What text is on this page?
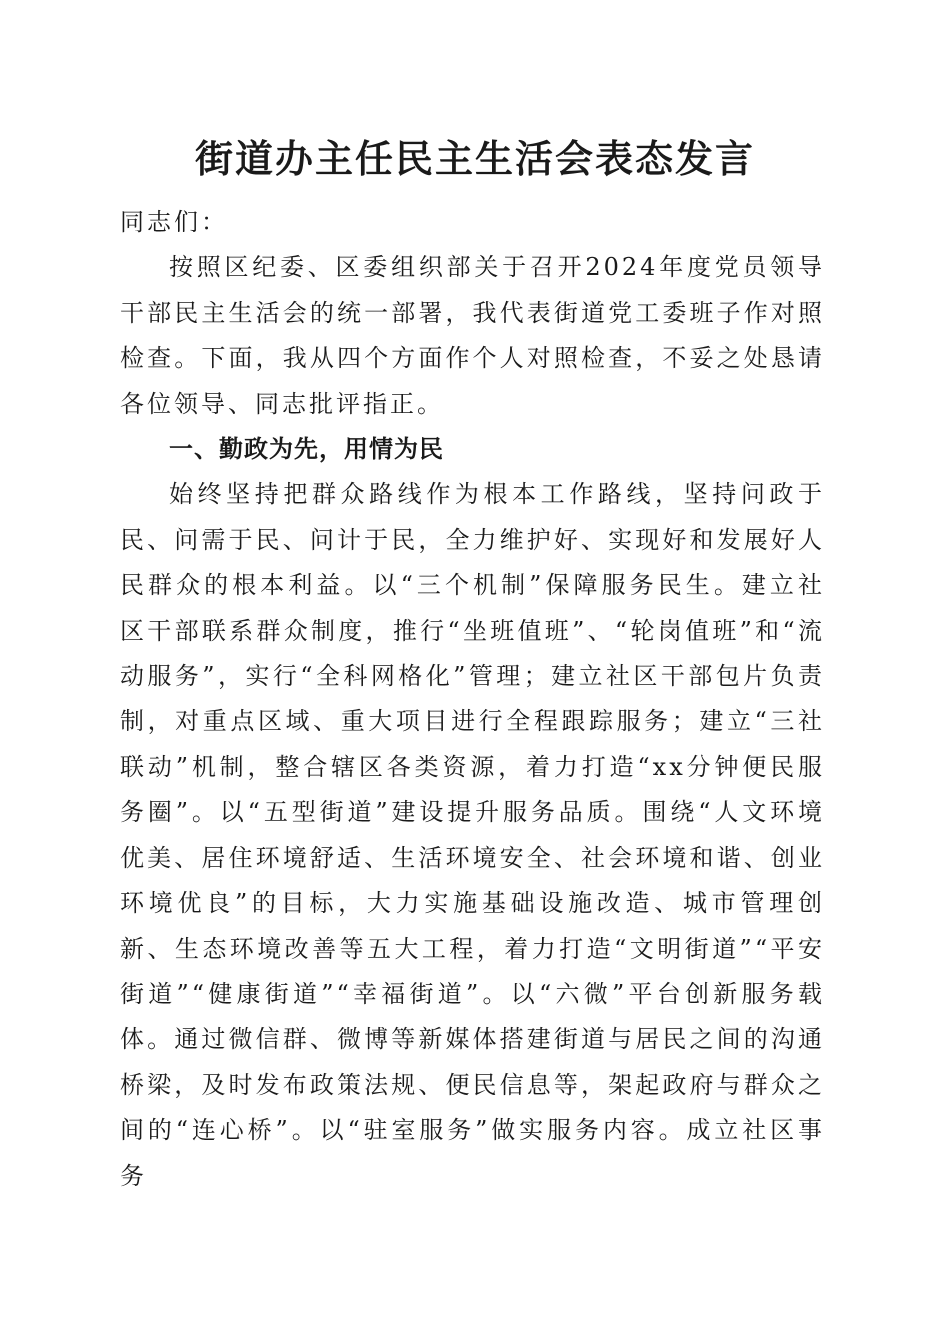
街道办主任民主生活会表态发言

同志们：

按照区纪委、区委组织部关于召开2024年度党员领导干部民主生活会的统一部署，我代表街道党工委班子作对照检查。下面，我从四个方面作个人对照检查，不妥之处恳请各位领导、同志批评指正。

一、勤政为先，用情为民

始终坚持把群众路线作为根本工作路线，坚持问政于民、问需于民、问计于民，全力维护好、实现好和发展好人民群众的根本利益。以“三个机制”保障服务民生。建立社区干部联系群众制度，推行“坐班值班”、“轮岗值班”和“流动服务”，实行“全科网格化”管理；建立社区干部包片负责制，对重点区域、重大项目进行全程跟踪服务；建立“三社联动”机制，整合辖区各类资源，着力打造“xx分钟便民服务圈”。以“五型街道”建设提升服务品质。围绕“人文环境优美、居住环境舒适、生活环境安全、社会环境和谐、创业环境优良”的目标，大力实施基础设施改造、城市管理创新、生态环境改善等五大工程，着力打造“文明街道”“平安街道”“健康街道”“幸福街道”。以“六微”平台创新服务载体。通过微信群、微博等新媒体搭建街道与居民之间的沟通桥梁，及时发布政策法规、便民信息等，架起政府与群众之间的“连心桥”。以“驻室服务”做实服务内容。成立社区事务
